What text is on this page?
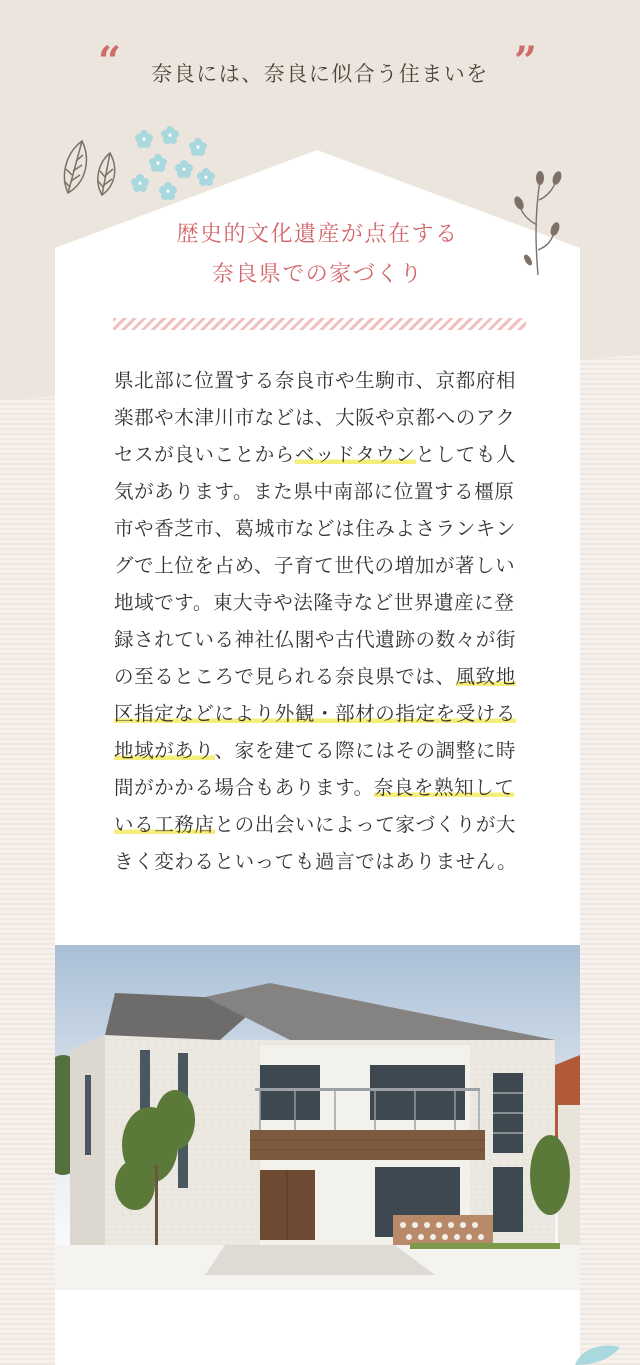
“	奈良には、奈良に似合う住まいを ”
歴史的文化遺産が点在する
奈良県での家づくり

県北部に位置する奈良市や生駒市、京都府相楽郡や木津川市などは、大阪や京都へのアクセスが良いことからベッドタウンとしても人気があります。また県中南部に位置する橿原市や香芝市、葛城市などは住みよさランキングで上位を占め、子育て世代の増加が著しい地域です。東大寺や法隆寺など世界遺産に登録されている神社仏閣や古代遺跡の数々が街の至るところで見られる奈良県では、風致地区指定などにより外観・部材の指定を受ける地域があり、家を建てる際にはその調整に時間がかかる場合もあります。奈良を熟知している工務店との出会いによって家づくりが大きく変わるといっても過言ではありません。
